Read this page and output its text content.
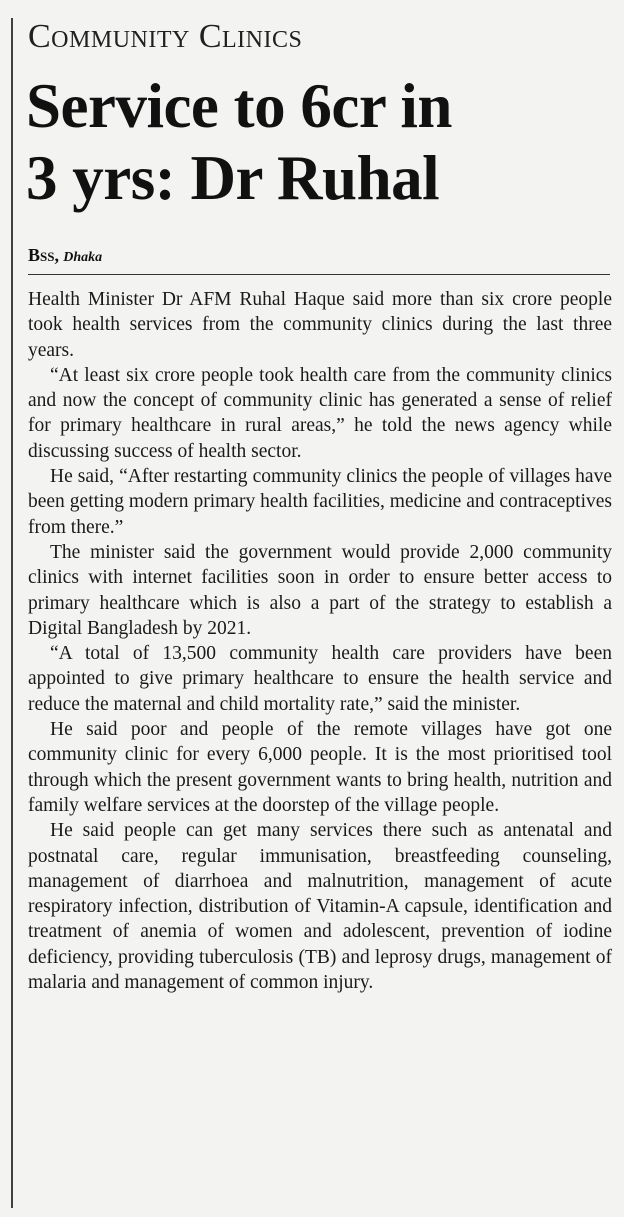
Community Clinics
Service to 6cr in
3 yrs: Dr Ruhal
Bss, Dhaka

Health Minister Dr AFM Ruhal Haque said more than six crore people took health services from the community clinics during the last three years.

“At least six crore people took health care from the community clinics and now the concept of community clinic has generated a sense of relief for primary healthcare in rural areas,” he told the news agency while discussing success of health sector.

He said, “After restarting community clinics the people of villages have been getting modern primary health facilities, medicine and contraceptives from there.”

The minister said the government would provide 2,000 community clinics with internet facilities soon in order to ensure better access to primary healthcare which is also a part of the strategy to establish a Digital Bangladesh by 2021.

“A total of 13,500 community health care providers have been appointed to give primary healthcare to ensure the health service and reduce the maternal and child mortality rate,” said the minister.

He said poor and people of the remote villages have got one community clinic for every 6,000 people. It is the most prioritised tool through which the present government wants to bring health, nutrition and family welfare services at the doorstep of the village people.

He said people can get many services there such as antenatal and postnatal care, regular immunisation, breastfeeding counseling, management of diarrhoea and malnutrition, management of acute respiratory infection, distribution of Vitamin-A capsule, identification and treatment of anemia of women and adolescent, prevention of iodine deficiency, providing tuberculosis (TB) and leprosy drugs, management of malaria and management of common injury.
